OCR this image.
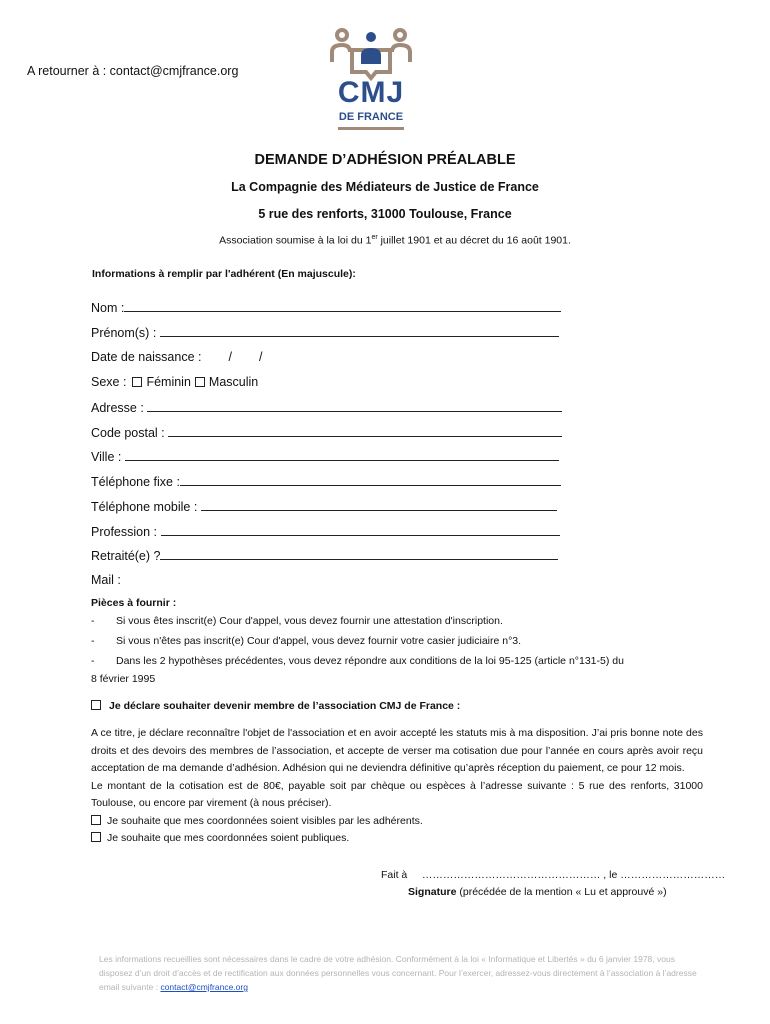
A retourner à : contact@cmjfrance.org
CMJ
DE FRANCE
DEMANDE D’ADHÉSION PRÉALABLE
La Compagnie des Médiateurs de Justice de France
5 rue des renforts, 31000 Toulouse, France
Association soumise à la loi du 1er juillet 1901 et au décret du 16 août 1901.
Informations à remplir par l'adhérent (En majuscule):
Nom :
Prénom(s) :
Date de naissance : / /
Sexe : Féminin Masculin
Adresse :
Code postal :
Ville :
Téléphone fixe :
Téléphone mobile :
Profession :
Retraité(e) ?
Mail :
Pièces à fournir :
- Si vous êtes inscrit(e) Cour d'appel, vous devez fournir une attestation d'inscription.
- Si vous n'êtes pas inscrit(e) Cour d'appel, vous devez fournir votre casier judiciaire n°3.
- Dans les 2 hypothèses précédentes, vous devez répondre aux conditions de la loi 95-125 (article n°131-5) du
8 février 1995
Je déclare souhaiter devenir membre de l’association CMJ de France :

A ce titre, je déclare reconnaître l'objet de l'association et en avoir accepté les statuts mis à ma disposition. J’ai pris bonne note des droits et des devoirs des membres de l’association, et accepte de verser ma cotisation due pour l’année en cours après avoir reçu acceptation de ma demande d’adhésion. Adhésion qui ne deviendra définitive qu’après réception du paiement, ce pour 12 mois.

Le montant de la cotisation est de 80€, payable soit par chèque ou espèces à l’adresse suivante : 5 rue des renforts, 31000 Toulouse, ou encore par virement (à nous préciser).

Je souhaite que mes coordonnées soient visibles par les adhérents.

Je souhaite que mes coordonnées soient publiques.

Fait à …………………………………………… , le …………………………
Signature (précédée de la mention « Lu et approuvé »)
Les informations recueillies sont nécessaires dans le cadre de votre adhésion. Conformément à la loi « Informatique et Libertés » du 6 janvier 1978, vous disposez d’un droit d’accès et de rectification aux données personnelles vous concernant. Pour l’exercer, adressez-vous directement à l’association à l’adresse email suivante : contact@cmjfrance.org
